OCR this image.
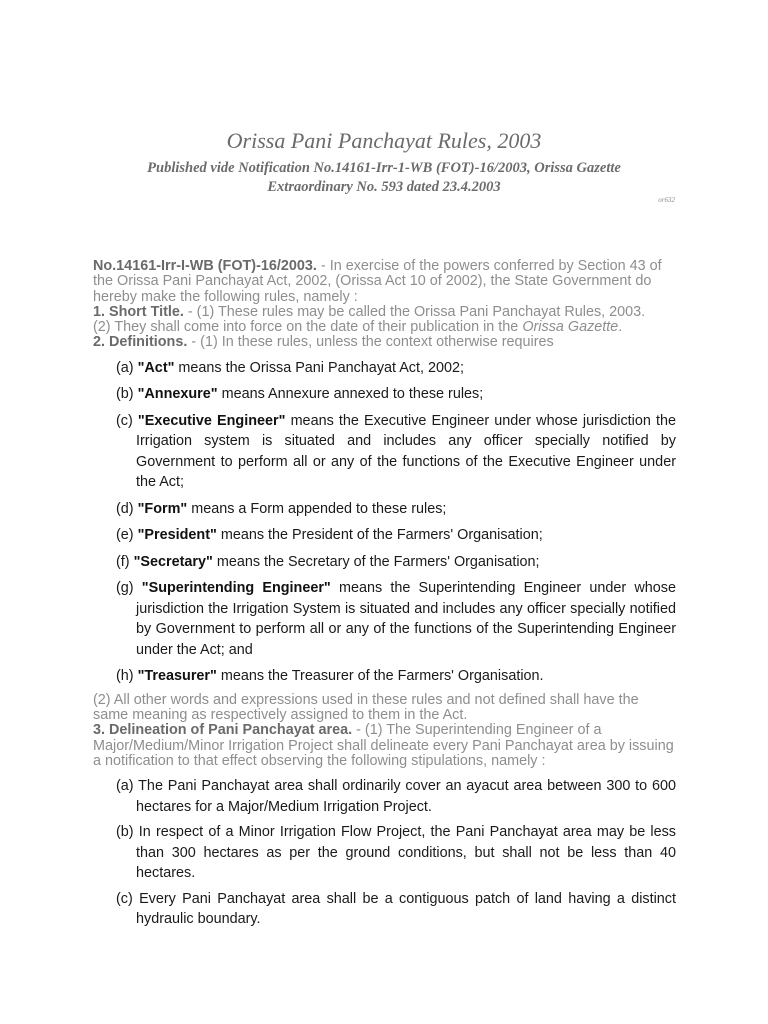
Orissa Pani Panchayat Rules, 2003
Published vide Notification No.14161-Irr-1-WB (FOT)-16/2003, Orissa Gazette
Extraordinary No. 593 dated 23.4.2003
or632

No.14161-Irr-I-WB (FOT)-16/2003. - In exercise of the powers conferred by Section 43 of the Orissa Pani Panchayat Act, 2002, (Orissa Act 10 of 2002), the State Government do hereby make the following rules, namely :

1. Short Title. - (1) These rules may be called the Orissa Pani Panchayat Rules, 2003.

(2) They shall come into force on the date of their publication in the Orissa Gazette.

2. Definitions. - (1) In these rules, unless the context otherwise requires

(a) "Act" means the Orissa Pani Panchayat Act, 2002;
(b) "Annexure" means Annexure annexed to these rules;
(c) "Executive Engineer" means the Executive Engineer under whose jurisdiction the Irrigation system is situated and includes any officer specially notified by Government to perform all or any of the functions of the Executive Engineer under the Act;
(d) "Form" means a Form appended to these rules;
(e) "President" means the President of the Farmers' Organisation;
(f) "Secretary" means the Secretary of the Farmers' Organisation;
(g) "Superintending Engineer" means the Superintending Engineer under whose jurisdiction the Irrigation System is situated and includes any officer specially notified by Government to perform all or any of the functions of the Superintending Engineer under the Act; and
(h) "Treasurer" means the Treasurer of the Farmers' Organisation.

(2) All other words and expressions used in these rules and not defined shall have the same meaning as respectively assigned to them in the Act.

3. Delineation of Pani Panchayat area. - (1) The Superintending Engineer of a Major/Medium/Minor Irrigation Project shall delineate every Pani Panchayat area by issuing a notification to that effect observing the following stipulations, namely :

(a) The Pani Panchayat area shall ordinarily cover an ayacut area between 300 to 600 hectares for a Major/Medium Irrigation Project.
(b) In respect of a Minor Irrigation Flow Project, the Pani Panchayat area may be less than 300 hectares as per the ground conditions, but shall not be less than 40 hectares.
(c) Every Pani Panchayat area shall be a contiguous patch of land having a distinct hydraulic boundary.
